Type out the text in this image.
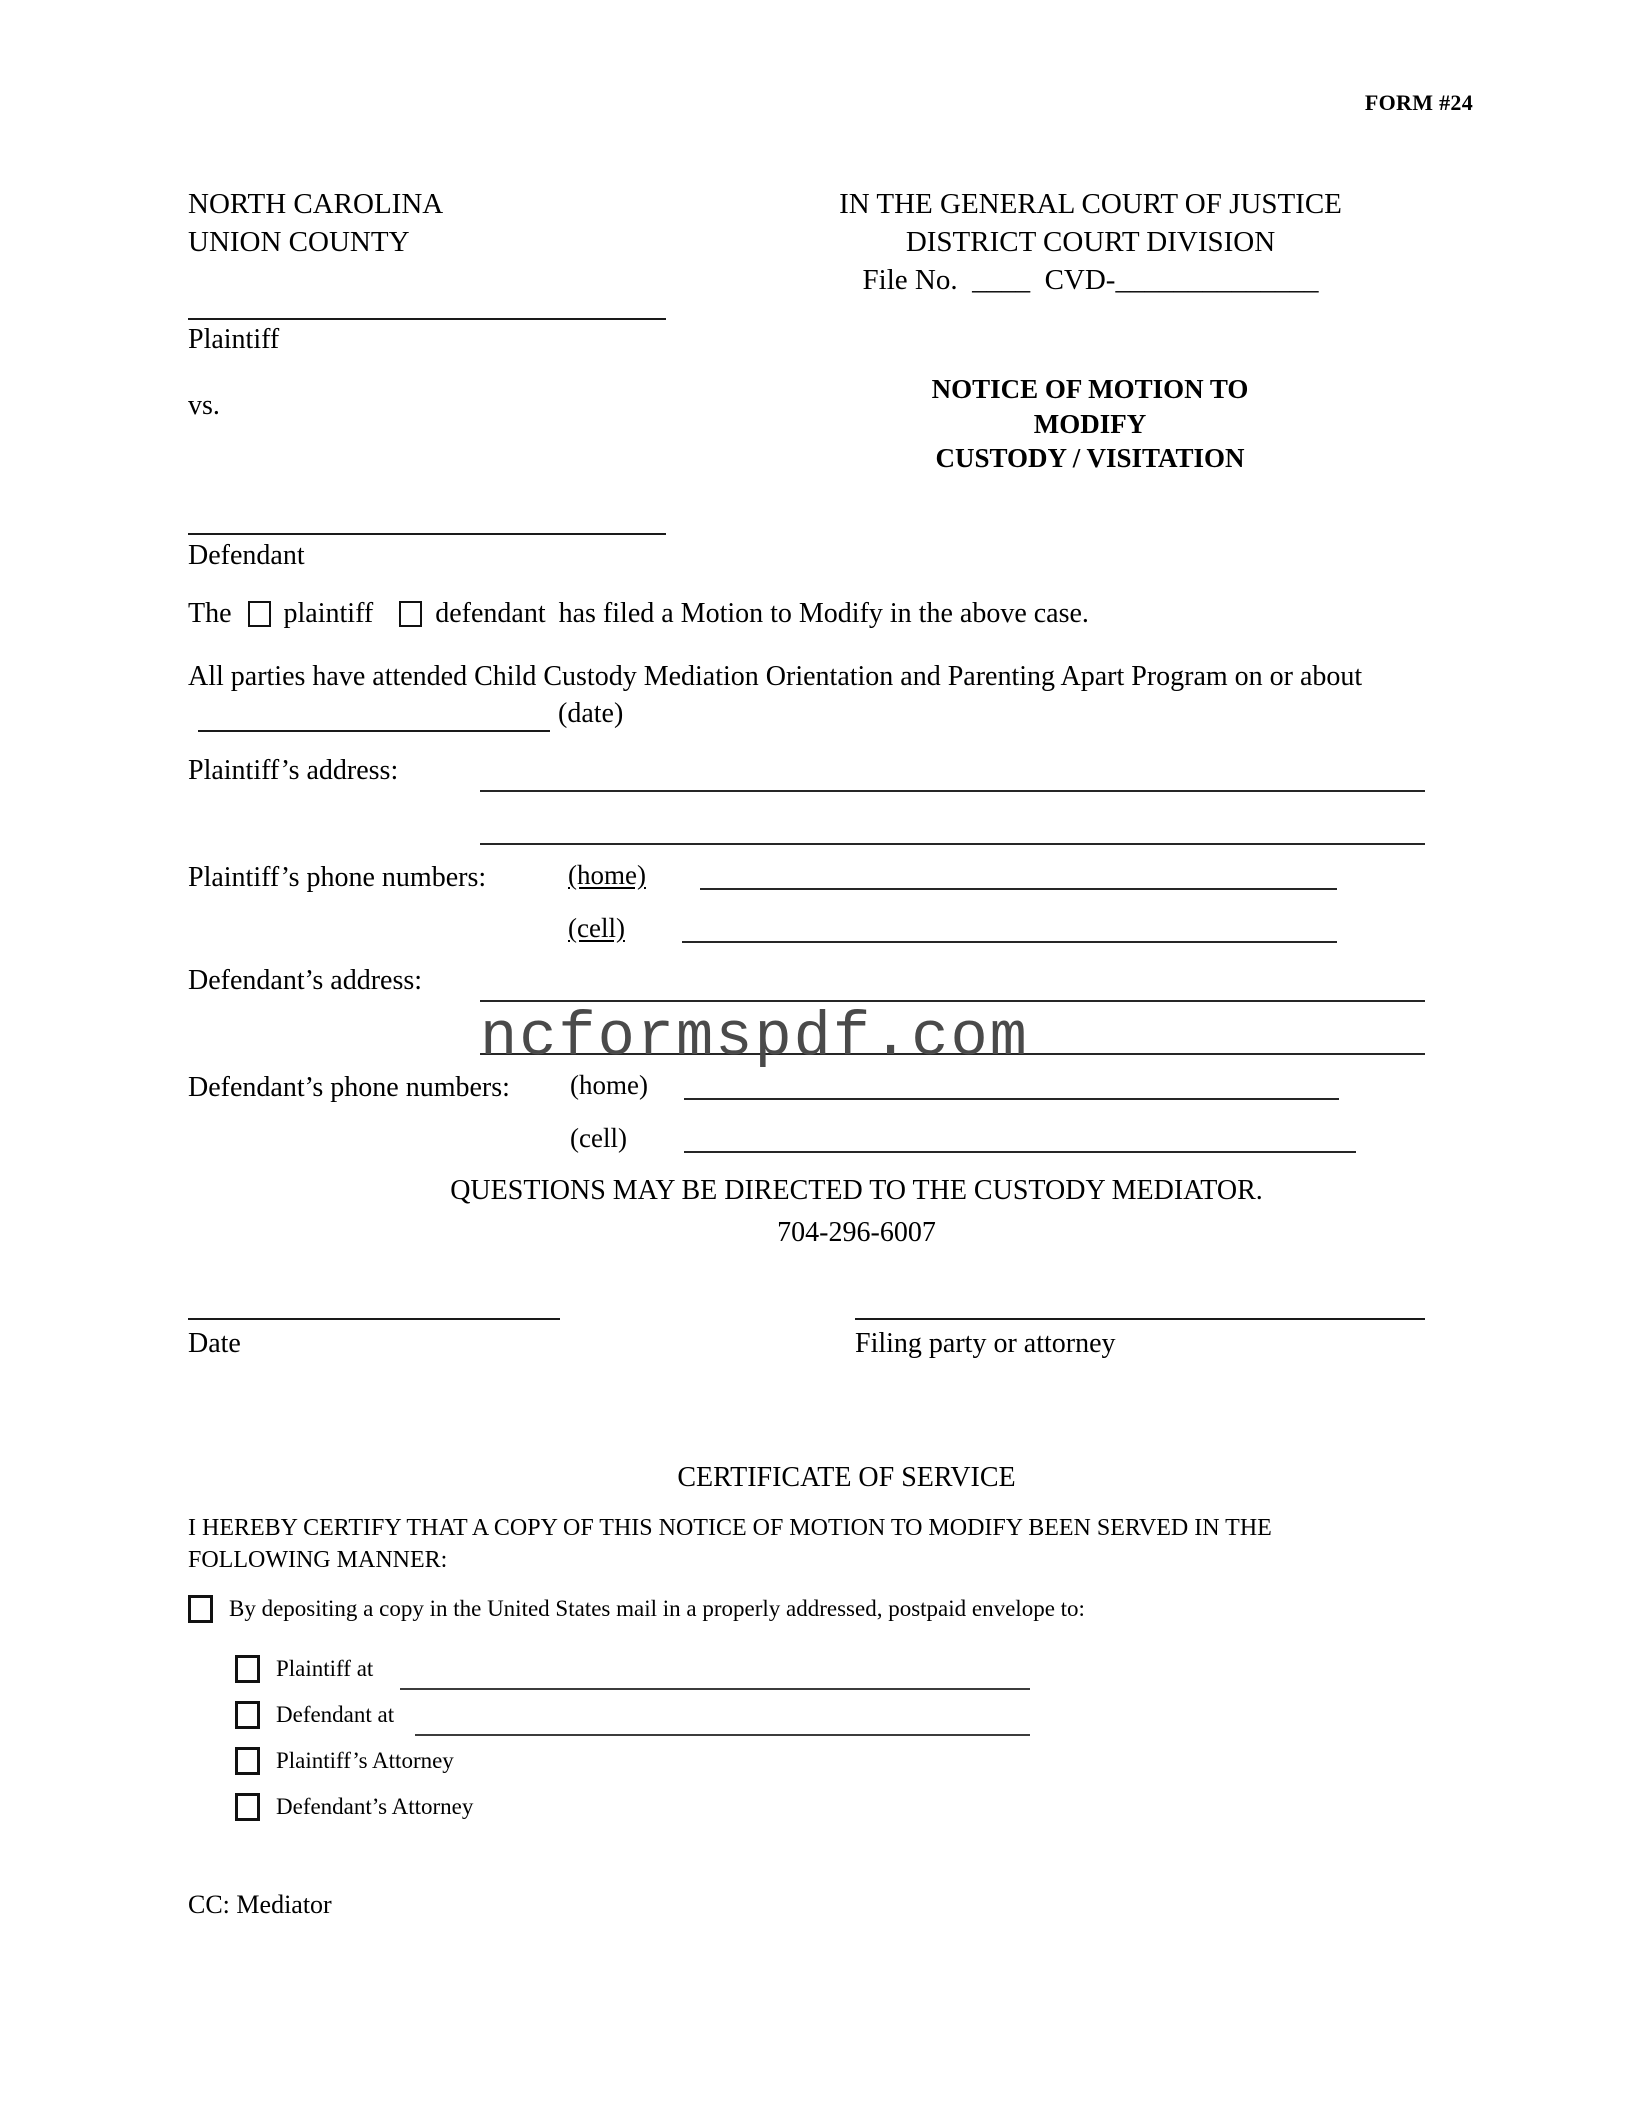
FORM #24
NORTH CAROLINA
UNION COUNTY
IN THE GENERAL COURT OF JUSTICE
DISTRICT COURT DIVISION
File No.  ____  CVD-______________
Plaintiff
vs.
Defendant
NOTICE OF MOTION TO
MODIFY
CUSTODY / VISITATION
The plaintiff defendant has filed a Motion to Modify in the above case.
All parties have attended Child Custody Mediation Orientation and Parenting Apart Program on or about(date)
Plaintiff’s address:
Plaintiff’s phone numbers:	(home)
(cell)
Defendant’s address:
Defendant’s phone numbers: (home)
(cell)
ncformspdf.com
QUESTIONS MAY BE DIRECTED TO THE CUSTODY MEDIATOR.
704-296-6007
Date	Filing party or attorney
CERTIFICATE OF SERVICE
I HEREBY CERTIFY THAT A COPY OF THIS NOTICE OF MOTION TO MODIFY BEEN SERVED IN THE FOLLOWING MANNER:
By depositing a copy in the United States mail in a properly addressed, postpaid envelope to:
Plaintiff at
Defendant at
Plaintiff’s Attorney
Defendant’s Attorney
CC: Mediator
